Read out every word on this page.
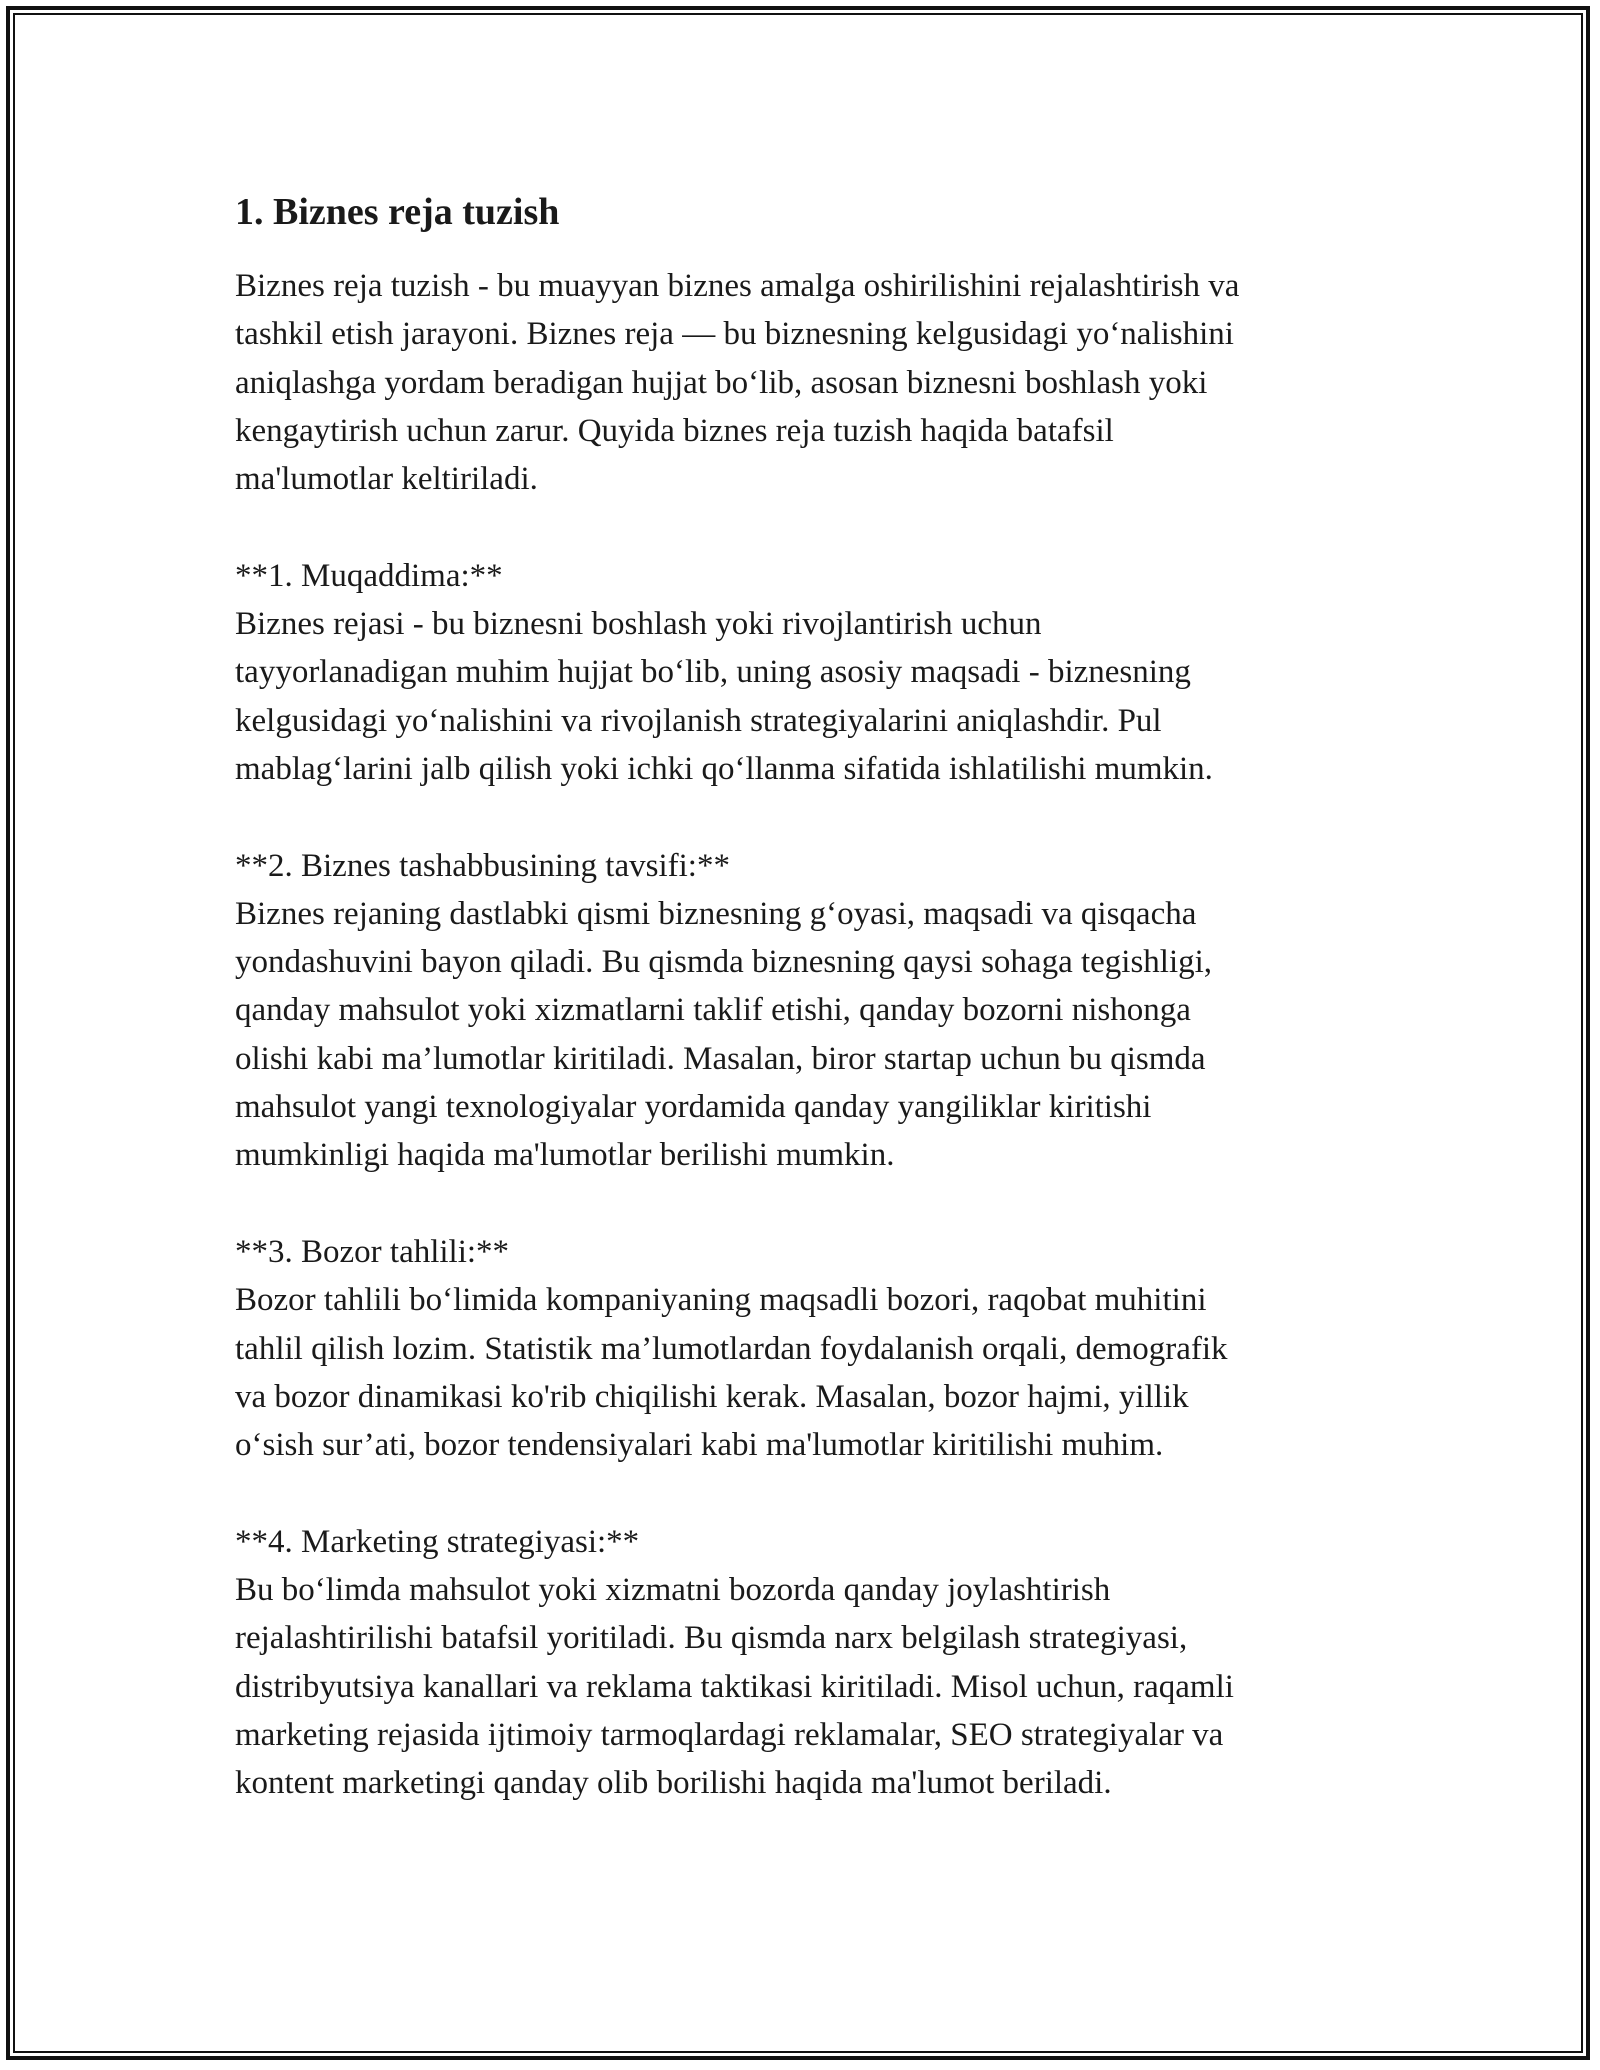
1. Biznes reja tuzish

Biznes reja tuzish - bu muayyan biznes amalga oshirilishini rejalashtirish va
tashkil etish jarayoni. Biznes reja — bu biznesning kelgusidagi yoʻnalishini
aniqlashga yordam beradigan hujjat boʻlib, asosan biznesni boshlash yoki
kengaytirish uchun zarur. Quyida biznes reja tuzish haqida batafsil
ma'lumotlar keltiriladi.

**1. Muqaddima:**

Biznes rejasi - bu biznesni boshlash yoki rivojlantirish uchun
tayyorlanadigan muhim hujjat boʻlib, uning asosiy maqsadi - biznesning
kelgusidagi yoʻnalishini va rivojlanish strategiyalarini aniqlashdir. Pul
mablagʻlarini jalb qilish yoki ichki qoʻllanma sifatida ishlatilishi mumkin.

**2. Biznes tashabbusining tavsifi:**

Biznes rejaning dastlabki qismi biznesning gʻoyasi, maqsadi va qisqacha
yondashuvini bayon qiladi. Bu qismda biznesning qaysi sohaga tegishligi,
qanday mahsulot yoki xizmatlarni taklif etishi, qanday bozorni nishonga
olishi kabi ma’lumotlar kiritiladi. Masalan, biror startap uchun bu qismda
mahsulot yangi texnologiyalar yordamida qanday yangiliklar kiritishi
mumkinligi haqida ma'lumotlar berilishi mumkin.

**3. Bozor tahlili:**

Bozor tahlili boʻlimida kompaniyaning maqsadli bozori, raqobat muhitini
tahlil qilish lozim. Statistik ma’lumotlardan foydalanish orqali, demografik
va bozor dinamikasi ko'rib chiqilishi kerak. Masalan, bozor hajmi, yillik
oʻsish sur’ati, bozor tendensiyalari kabi ma'lumotlar kiritilishi muhim.

**4. Marketing strategiyasi:**

Bu boʻlimda mahsulot yoki xizmatni bozorda qanday joylashtirish
rejalashtirilishi batafsil yoritiladi. Bu qismda narx belgilash strategiyasi,
distribyutsiya kanallari va reklama taktikasi kiritiladi. Misol uchun, raqamli
marketing rejasida ijtimoiy tarmoqlardagi reklamalar, SEO strategiyalar va
kontent marketingi qanday olib borilishi haqida ma'lumot beriladi.
